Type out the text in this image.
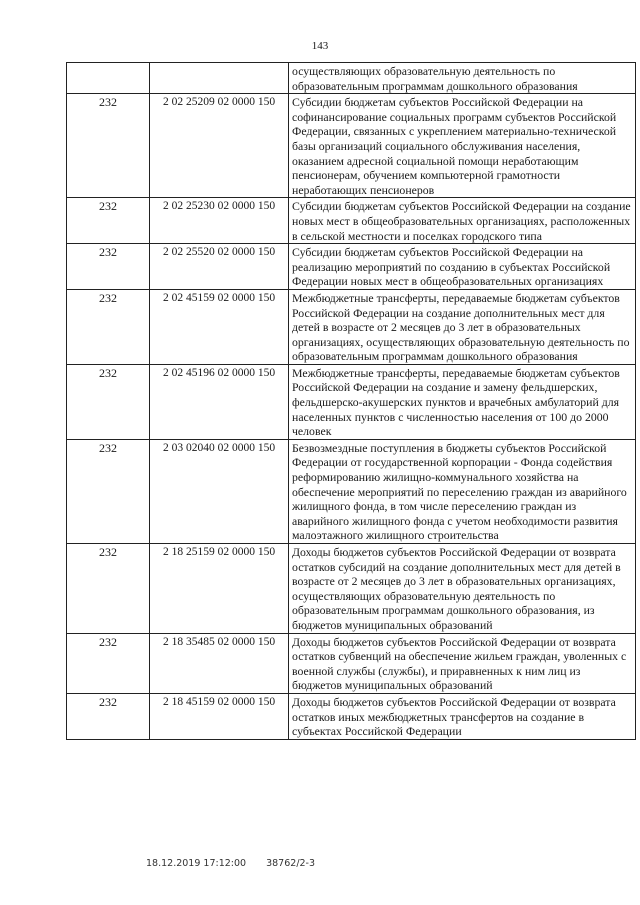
143
		осуществляющих образовательную деятельность по образовательным программам дошкольного образования
232	2 02 25209 02 0000 150	Субсидии бюджетам субъектов Российской Федерации на софинансирование социальных программ субъектов Российской Федерации, связанных с укреплением материально-технической базы организаций социального обслуживания населения, оказанием адресной социальной помощи неработающим пенсионерам, обучением компьютерной грамотности неработающих пенсионеров
232	2 02 25230 02 0000 150	Субсидии бюджетам субъектов Российской Федерации на создание новых мест в общеобразовательных организациях, расположенных в сельской местности и поселках городского типа
232	2 02 25520 02 0000 150	Субсидии бюджетам субъектов Российской Федерации на реализацию мероприятий по созданию в субъектах Российской Федерации новых мест в общеобразовательных организациях
232	2 02 45159 02 0000 150	Межбюджетные трансферты, передаваемые бюджетам субъектов Российской Федерации на создание дополнительных мест для детей в возрасте от 2 месяцев до 3 лет в образовательных организациях, осуществляющих образовательную деятельность по образовательным программам дошкольного образования
232	2 02 45196 02 0000 150	Межбюджетные трансферты, передаваемые бюджетам субъектов Российской Федерации на создание и замену фельдшерских, фельдшерско-акушерских пунктов и врачебных амбулаторий для населенных пунктов с численностью населения от 100 до 2000 человек
232	2 03 02040 02 0000 150	Безвозмездные поступления в бюджеты субъектов Российской Федерации от государственной корпорации - Фонда содействия реформированию жилищно-коммунального хозяйства на обеспечение мероприятий по переселению граждан из аварийного жилищного фонда, в том числе переселению граждан из аварийного жилищного фонда с учетом необходимости развития малоэтажного жилищного строительства
232	2 18 25159 02 0000 150	Доходы бюджетов субъектов Российской Федерации от возврата остатков субсидий на создание дополнительных мест для детей в возрасте от 2 месяцев до 3 лет в образовательных организациях, осуществляющих образовательную деятельность по образовательным программам дошкольного образования, из бюджетов муниципальных образований
232	2 18 35485 02 0000 150	Доходы бюджетов субъектов Российской Федерации от возврата остатков субвенций на обеспечение жильем граждан, уволенных с военной службы (службы), и приравненных к ним лиц из бюджетов муниципальных образований
232	2 18 45159 02 0000 150	Доходы бюджетов субъектов Российской Федерации от возврата остатков иных межбюджетных трансфертов на создание в субъектах Российской Федерации
18.12.2019 17:12:00 38762/2-3
